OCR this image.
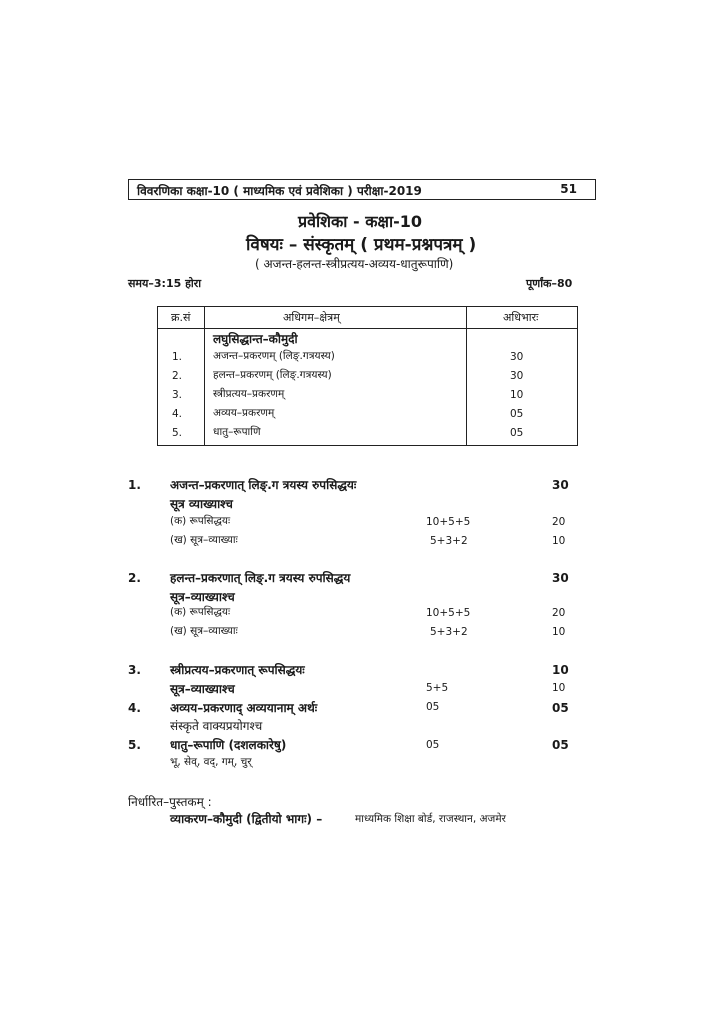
विवरणिका कक्षा-10 ( माध्यमिक एवं प्रवेशिका ) परीक्षा-2019	51
प्रवेशिका - कक्षा-10
विषयः – संस्कृतम् ( प्रथम-प्रश्नपत्रम् )
( अजन्त-हलन्त-स्त्रीप्रत्यय-अव्यय-धातुरूपाणि)
समय–3:15 होरा	पूर्णांक–80
क्र.सं	अधिगम–क्षेत्रम्	अधिभारः
लघुसिद्धान्त–कौमुदी
1.	अजन्त–प्रकरणम् (लिङ्.गत्रयस्य)	30
2.	हलन्त–प्रकरणम् (लिङ्.गत्रयस्य)	30
3.	स्त्रीप्रत्यय–प्रकरणम्	10
4.	अव्यय–प्रकरणम्	05
5.	धातु–रूपाणि	05
1. अजन्त–प्रकरणात् लिङ्.ग त्रयस्य रुपसिद्धयः	30
सूत्र व्याख्याश्च
(क) रूपसिद्धयः	10+5+5	20
(ख) सूत्र–व्याख्याः	5+3+2	10
2. हलन्त–प्रकरणात् लिङ्.ग त्रयस्य रुपसिद्धय	30
सूत्र–व्याख्याश्च
(क) रूपसिद्धयः	10+5+5	20
(ख) सूत्र–व्याख्याः	5+3+2	10
3. स्त्रीप्रत्यय–प्रकरणात् रूपसिद्धयः	10
सूत्र–व्याख्याश्च	5+5	10
4. अव्यय–प्रकरणाद् अव्ययानाम् अर्थः	05	05
संस्कृते वाक्यप्रयोगश्च
5. धातु–रूपाणि (दशलकारेषु)	05	05
भू, सेव्, वद्, गम्, चुर्
निर्धारित–पुस्तकम् :
व्याकरण–कौमुदी (द्वितीयो भागः) –	माध्यमिक शिक्षा बोर्ड, राजस्थान, अजमेर
